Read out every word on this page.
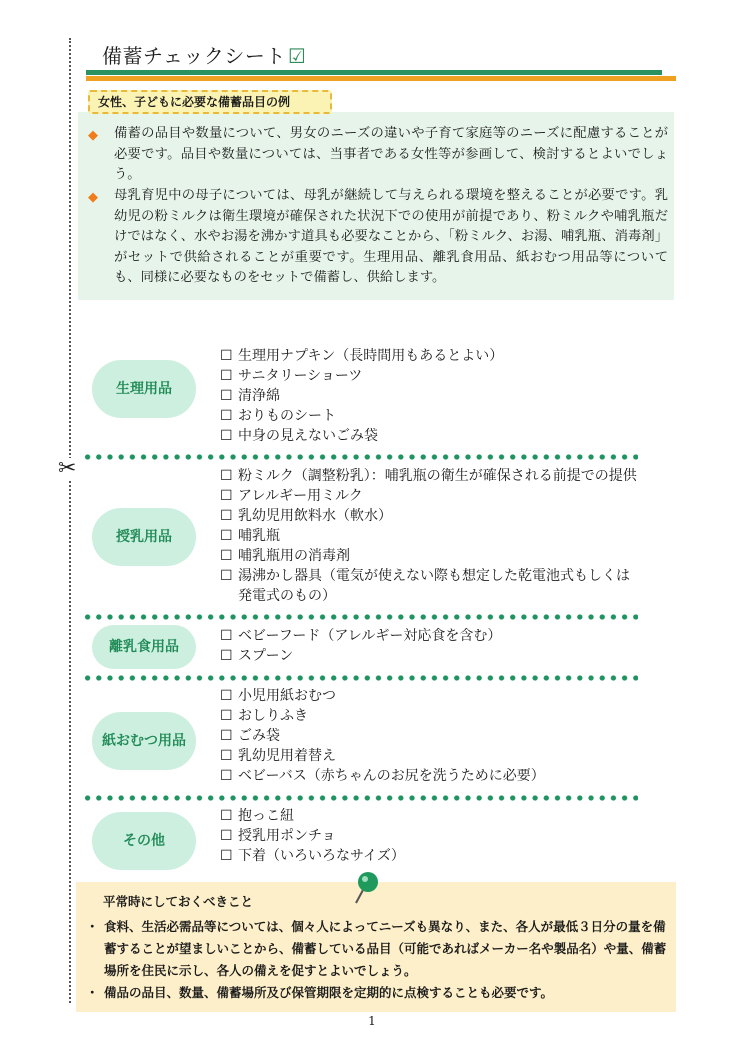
✂
備蓄チェックシート ☑
女性、子どもに必要な備蓄品目の例
◆ 備蓄の品目や数量について、男女のニーズの違いや子育て家庭等のニーズに配慮することが必要です。品目や数量については、当事者である女性等が参画して、検討するとよいでしょう。
◆ 母乳育児中の母子については、母乳が継続して与えられる環境を整えることが必要です。乳幼児の粉ミルクは衛生環境が確保された状況下での使用が前提であり、粉ミルクや哺乳瓶だけではなく、水やお湯を沸かす道具も必要なことから、「粉ミルク、お湯、哺乳瓶、消毒剤」がセットで供給されることが重要です。生理用品、離乳食用品、紙おむつ用品等についても、同様に必要なものをセットで備蓄し、供給します。
生理用品
☐ 生理用ナプキン（長時間用もあるとよい）
☐ サニタリーショーツ
☐ 清浄綿
☐ おりものシート
☐ 中身の見えないごみ袋
授乳用品
☐ 粉ミルク（調整粉乳）：哺乳瓶の衛生が確保される前提での提供
☐ アレルギー用ミルク
☐ 乳幼児用飲料水（軟水）
☐ 哺乳瓶
☐ 哺乳瓶用の消毒剤
☐ 湯沸かし器具（電気が使えない際も想定した乾電池式もしくは
発電式のもの）
離乳食用品
☐ ベビーフード（アレルギー対応食を含む）
☐ スプーン
紙おむつ用品
☐ 小児用紙おむつ
☐ おしりふき
☐ ごみ袋
☐ 乳幼児用着替え
☐ ベビーバス（赤ちゃんのお尻を洗うために必要）
その他
☐ 抱っこ紐
☐ 授乳用ポンチョ
☐ 下着（いろいろなサイズ）
平常時にしておくべきこと
・ 食料、生活必需品等については、個々人によってニーズも異なり、また、各人が最低３日分の量を備蓄することが望ましいことから、備蓄している品目（可能であればメーカー名や製品名）や量、備蓄場所を住民に示し、各人の備えを促すとよいでしょう。
・ 備品の品目、数量、備蓄場所及び保管期限を定期的に点検することも必要です。
1
